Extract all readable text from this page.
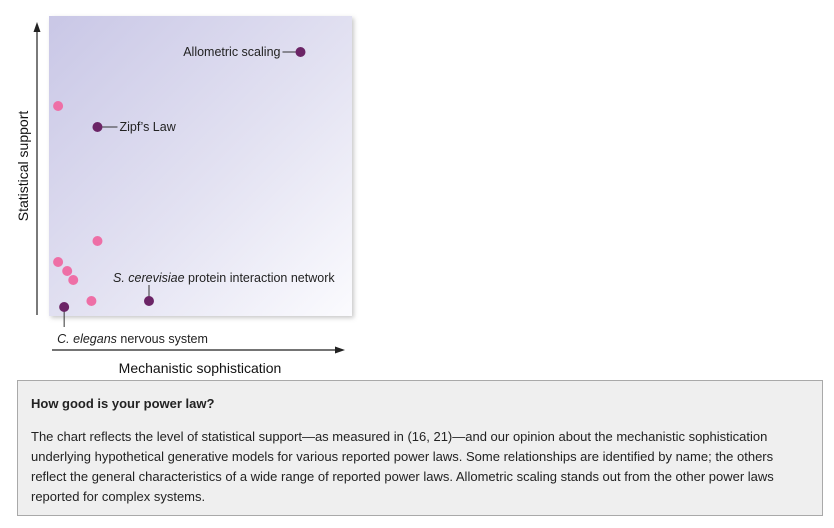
Mechanistic sophistication
Statistical support
Allometric scaling
Zipf’s Law
S. cerevisiae protein interaction network
C. elegans nervous system

How good is your power law?

The chart reflects the level of statistical support—as measured in (16, 21)—and our opinion about the mechanistic sophistication underlying hypothetical generative models for various reported power laws. Some relationships are identified by name; the others reflect the general characteristics of a wide range of reported power laws. Allometric scaling stands out from the other power laws reported for complex systems.
